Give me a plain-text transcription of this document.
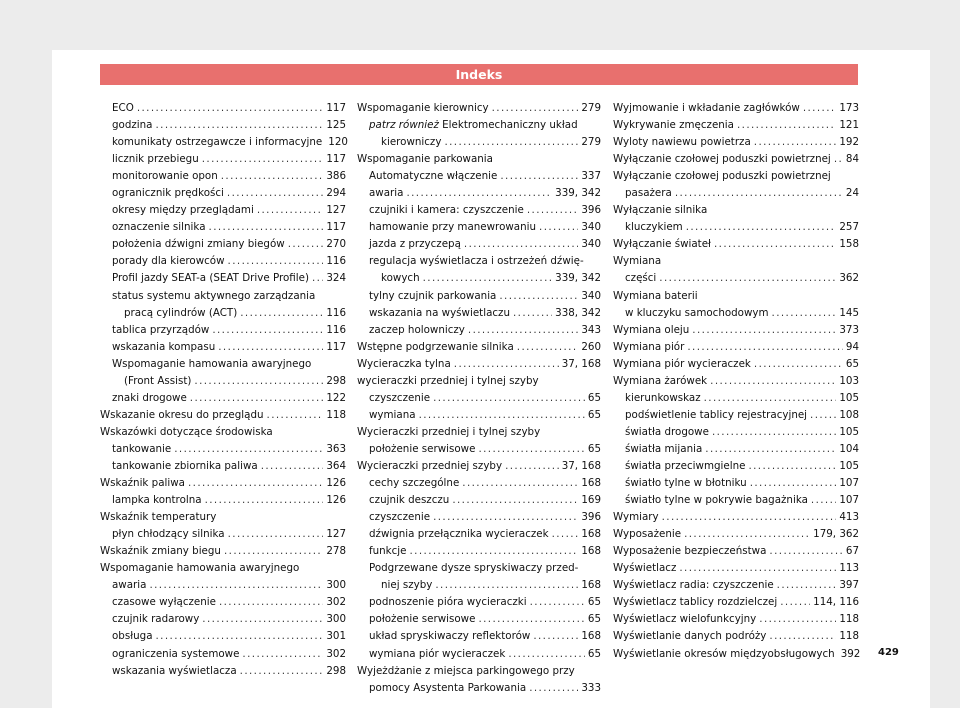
Indeks
ECO .....	117
godzina .....	125
komunikaty ostrzegawcze i informacyjne 120
licznik przebiegu .....	117
monitorowanie opon .....	386
ogranicznik prędkości .....	294
okresy między przeglądami .....	127
oznaczenie silnika .....	117
położenia dźwigni zmiany biegów .....	270
porady dla kierowców .....	116
Profil jazdy SEAT-a (SEAT Drive Profile) ..... 324
status systemu aktywnego zarządzania
pracą cylindrów (ACT) .....	116
tablica przyrządów .....	116
wskazania kompasu .....	117
Wspomaganie hamowania awaryjnego
(Front Assist) .....	298
znaki drogowe .....	122
Wskazanie okresu do przeglądu .....	118
Wskazówki dotyczące środowiska
tankowanie .....	363
tankowanie zbiornika paliwa .....	364
Wskaźnik paliwa .....	126
lampka kontrolna .....	126
Wskaźnik temperatury
płyn chłodzący silnika .....	127
Wskaźnik zmiany biegu .....	278
Wspomaganie hamowania awaryjnego
awaria .....	300
czasowe wyłączenie .....	302
czujnik radarowy .....	300
obsługa .....	301
ograniczenia systemowe .....	302
wskazania wyświetlacza .....	298
Wspomaganie kierownicy .....	279
patrz również Elektromechaniczny układ
kierowniczy .....	279
Wspomaganie parkowania
Automatyczne włączenie .....	337
awaria .....	339, 342
czujniki i kamera: czyszczenie .....	396
hamowanie przy manewrowaniu .....	340
jazda z przyczepą .....	340
regulacja wyświetlacza i ostrzeżeń dźwię-
kowych .....	339, 342
tylny czujnik parkowania .....	340
wskazania na wyświetlaczu .....	338, 342
zaczep holowniczy .....	343
Wstępne podgrzewanie silnika .....	260
Wycieraczka tylna .....	37, 168
wycieraczki przedniej i tylnej szyby
czyszczenie .....	65
wymiana .....	65
Wycieraczki przedniej i tylnej szyby
położenie serwisowe .....	65
Wycieraczki przedniej szyby .....	37, 168
cechy szczególne .....	168
czujnik deszczu .....	169
czyszczenie .....	396
dźwignia przełącznika wycieraczek .....	168
funkcje .....	168
Podgrzewane dysze spryskiwaczy przed-
niej szyby .....	168
podnoszenie pióra wycieraczki .....	65
położenie serwisowe .....	65
układ spryskiwaczy reflektorów .....	168
wymiana piór wycieraczek .....	65
Wyjeżdżanie z miejsca parkingowego przy
pomocy Asystenta Parkowania .....	333
Wyjmowanie i wkładanie zagłówków .....	173
Wykrywanie zmęczenia .....	121
Wyloty nawiewu powietrza .....	192
Wyłączanie czołowej poduszki powietrznej ..... 84
Wyłączanie czołowej poduszki powietrznej
pasażera .....	24
Wyłączanie silnika
kluczykiem .....	257
Wyłączanie świateł .....	158
Wymiana
części .....	362
Wymiana baterii
w kluczyku samochodowym .....	145
Wymiana oleju .....	373
Wymiana piór .....	94
Wymiana piór wycieraczek .....	65
Wymiana żarówek .....	103
kierunkowskaz .....	105
podświetlenie tablicy rejestracyjnej .....	108
światła drogowe .....	105
światła mijania .....	104
światła przeciwmgielne .....	105
światło tylne w błotniku .....	107
światło tylne w pokrywie bagażnika .....	107
Wymiary .....	413
Wyposażenie .....	179, 362
Wyposażenie bezpieczeństwa .....	67
Wyświetlacz .....	113
Wyświetlacz radia: czyszczenie .....	397
Wyświetlacz tablicy rozdzielczej .....	114, 116
Wyświetlacz wielofunkcyjny .....	118
Wyświetlanie danych podróży .....	118
Wyświetlanie okresów międzyobsługowych 392 429
